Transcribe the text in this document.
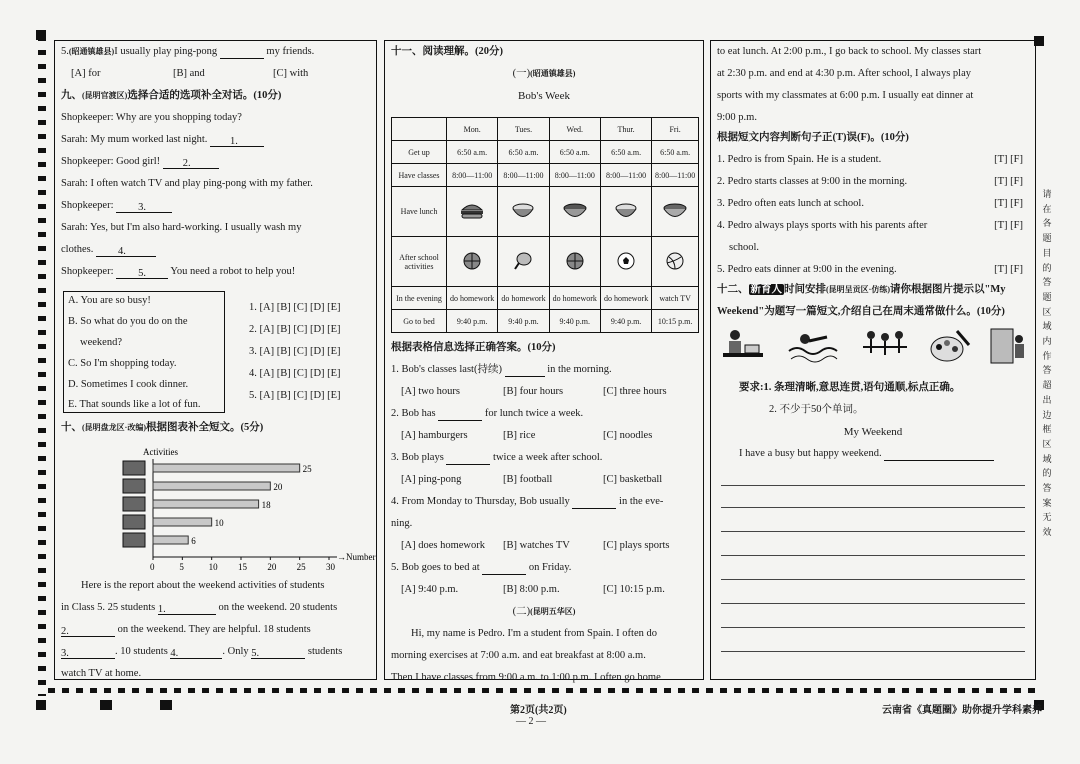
5.(昭通镇雄县)I usually play ping-pong	my friends.
[A] for	[B] and	[C] with
九、(昆明官渡区)选择合适的选项补全对话。(10分)
Shopkeeper: Why are you shopping today?
Sarah: My mum worked last night. 1.
Shopkeeper: Good girl! 2.
Sarah: I often watch TV and play ping-pong with my father.
Shopkeeper: 3.
Sarah: Yes, but I'm also hard-working. I usually wash my
clothes. 4.
Shopkeeper: 5. You need a robot to help you!
A. You are so busy!
B. So what do you do on the
weekend?
C. So I'm shopping today.
D. Sometimes I cook dinner.
E. That sounds like a lot of fun.
1. [A] [B] [C] [D] [E]
2. [A] [B] [C] [D] [E]
3. [A] [B] [C] [D] [E]
4. [A] [B] [C] [D] [E]
5. [A] [B] [C] [D] [E]
十、(昆明盘龙区·改编)根据图表补全短文。(5分)
Activities
→Number
0	5	10 15 20 25 30
25
20
18
10
6
Here is the report about the weekend activities of students
in Class 5. 25 students 1.	on the weekend. 20 students
2.	on the weekend. They are helpful. 18 students
3.	. 10 students 4.	. Only 5.	students
watch TV at home.
十一、阅读理解。(20分)
(一)(昭通镇雄县)
Bob's Week
	Mon.	Tues.	Wed.	Thur.	Fri.
Get up	6:50 a.m.	6:50 a.m.	6:50 a.m.	6:50 a.m.	6:50 a.m.
Have classes	8:00—11:00	8:00—11:00	8:00—11:00	8:00—11:00	8:00—11:00
Have lunch					
After school activities					
In the evening	do homework	do homework	do homework	do homework	watch TV
Go to bed	9:40 p.m.	9:40 p.m.	9:40 p.m.	9:40 p.m.	10:15 p.m.
根据表格信息选择正确答案。(10分)
1. Bob's classes last(持续)	in the morning.
[A] two hours	[B] four hours	[C] three hours
2. Bob has	for lunch twice a week.
[A] hamburgers	[B] rice	[C] noodles
3. Bob plays	twice a week after school.
[A] ping-pong	[B] football	[C] basketball
4. From Monday to Thursday, Bob usually	in the eve-
ning.
[A] does homework [B] watches TV	[C] plays sports
5. Bob goes to bed at	on Friday.
[A] 9:40 p.m.	[B] 8:00 p.m.	[C] 10:15 p.m.
(二)(昆明五华区)
Hi, my name is Pedro. I'm a student from Spain. I often do
morning exercises at 7:00 a.m. and eat breakfast at 8:00 a.m.
Then I have classes from 9:00 a.m. to 1:00 p.m. I often go home
to eat lunch. At 2:00 p.m., I go back to school. My classes start
at 2:30 p.m. and end at 4:30 p.m. After school, I always play
sports with my classmates at 6:00 p.m. I usually eat dinner at
9:00 p.m.
根据短文内容判断句子正(T)误(F)。(10分)
1. Pedro is from Spain. He is a student.	[T] [F]
2. Pedro starts classes at 9:00 in the morning.	[T] [F]
3. Pedro often eats lunch at school.	[T] [F]
4. Pedro always plays sports with his parents after	[T] [F]
school.
5. Pedro eats dinner at 9:00 in the evening.	[T] [F]
十二、 新育人 时间安排(昆明呈贡区·仿练)请你根据图片提示以"My
Weekend"为题写一篇短文,介绍自己在周末通常做什么。(10分)
要求:1. 条理清晰,意思连贯,语句通顺,标点正确。
2. 不少于50个单词。
My Weekend
I have a busy but happy weekend.
请在各题目的答题区域内作答 超出边框区域的答案无效
第2页(共2页)
— 2 —
云南省《真题圈》助你提升学科素养
